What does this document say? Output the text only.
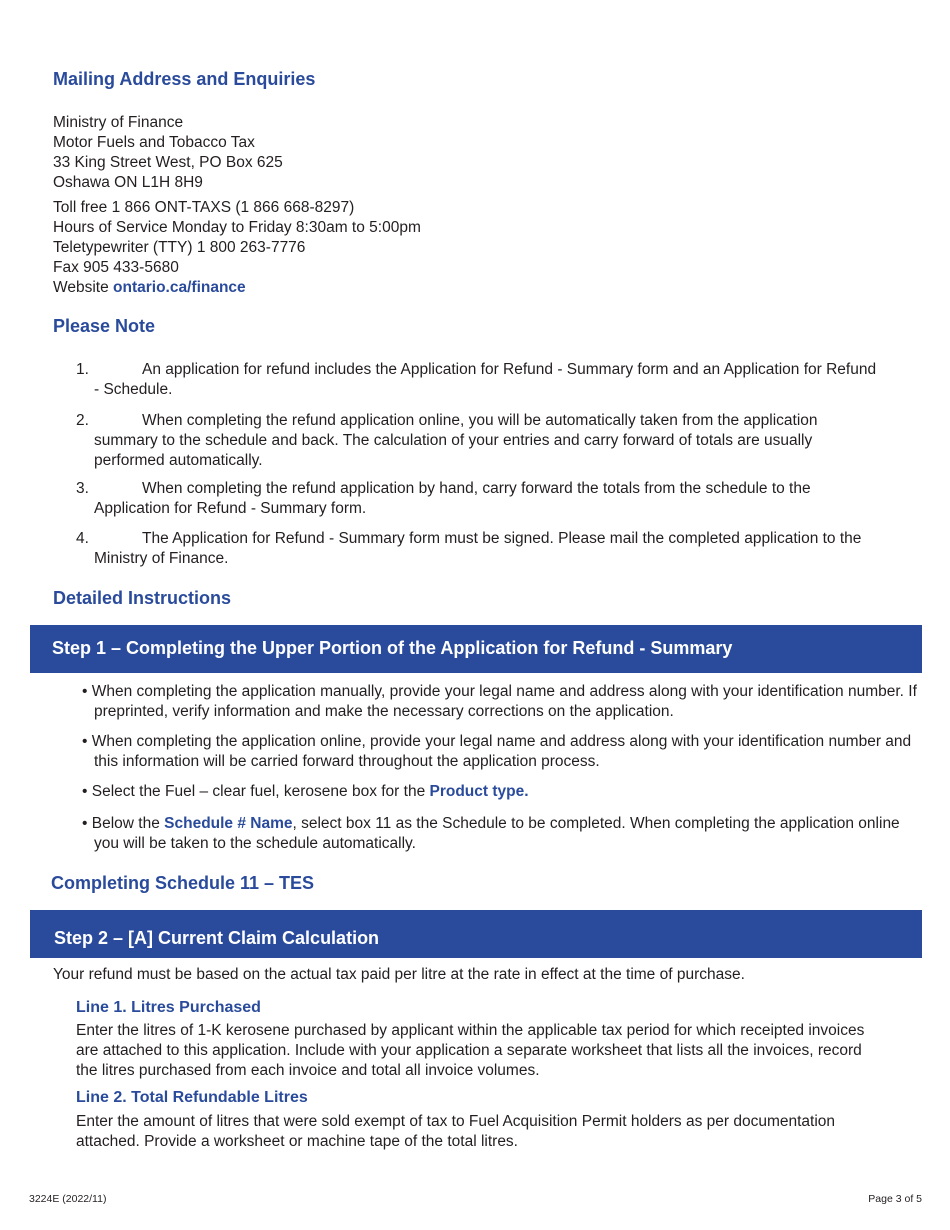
Mailing Address and Enquiries
Ministry of Finance
Motor Fuels and Tobacco Tax
33 King Street West, PO Box 625
Oshawa ON L1H 8H9
Toll free 1 866 ONT-TAXS (1 866 668-8297)
Hours of Service Monday to Friday 8:30am to 5:00pm
Teletypewriter (TTY) 1 800 263-7776
Fax 905 433-5680
Website ontario.ca/finance
Please Note
1.	An application for refund includes the Application for Refund - Summary form and an Application for Refund - Schedule.
2.	When completing the refund application online, you will be automatically taken from the application summary to the schedule and back. The calculation of your entries and carry forward of totals are usually performed automatically.
3.	When completing the refund application by hand, carry forward the totals from the schedule to the Application for Refund - Summary form.
4.	The Application for Refund - Summary form must be signed. Please mail the completed application to the Ministry of Finance.
Detailed Instructions
Step 1 – Completing the Upper Portion of the Application for Refund - Summary
• When completing the application manually, provide your legal name and address along with your identification number. If preprinted, verify information and make the necessary corrections on the application.
• When completing the application online, provide your legal name and address along with your identification number and this information will be carried forward throughout the application process.
• Select the Fuel – clear fuel, kerosene box for the Product type.
• Below the Schedule # Name, select box 11 as the Schedule to be completed. When completing the application online you will be taken to the schedule automatically.
Completing Schedule 11 – TES
Step 2 – [A] Current Claim Calculation
Your refund must be based on the actual tax paid per litre at the rate in effect at the time of purchase.
Line 1. Litres Purchased
Enter the litres of 1-K kerosene purchased by applicant within the applicable tax period for which receipted invoices are attached to this application. Include with your application a separate worksheet that lists all the invoices, record the litres purchased from each invoice and total all invoice volumes.
Line 2. Total Refundable Litres
Enter the amount of litres that were sold exempt of tax to Fuel Acquisition Permit holders as per documentation attached. Provide a worksheet or machine tape of the total litres.
3224E (2022/11)	Page 3 of 5
